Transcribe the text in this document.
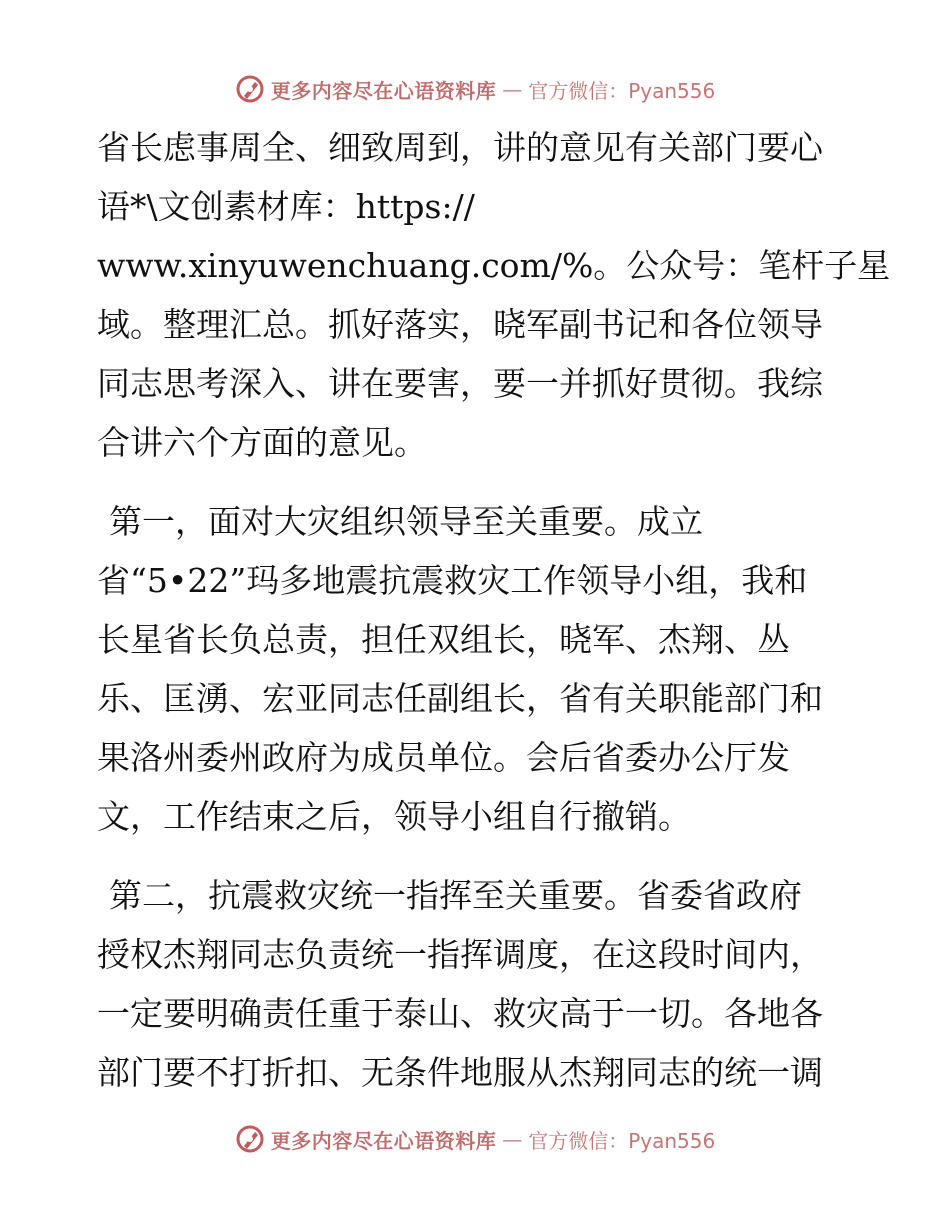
更多内容尽在心语资料库 — 官方微信：Pyan556
省长虑事周全、细致周到，讲的意见有关部门要心
语*\文创素材库：https://
www.xinyuwenchuang.com/%。公众号：笔杆子星
域。整理汇总。抓好落实，晓军副书记和各位领导
同志思考深入、讲在要害，要一并抓好贯彻。我综
合讲六个方面的意见。
第一，面对大灾组织领导至关重要。成立
省“5•22”玛多地震抗震救灾工作领导小组，我和
长星省长负总责，担任双组长，晓军、杰翔、丛
乐、匡湧、宏亚同志任副组长，省有关职能部门和
果洛州委州政府为成员单位。会后省委办公厅发
文，工作结束之后，领导小组自行撤销。
第二，抗震救灾统一指挥至关重要。省委省政府
授权杰翔同志负责统一指挥调度，在这段时间内，
一定要明确责任重于泰山、救灾高于一切。各地各
部门要不打折扣、无条件地服从杰翔同志的统一调
更多内容尽在心语资料库 — 官方微信：Pyan556
